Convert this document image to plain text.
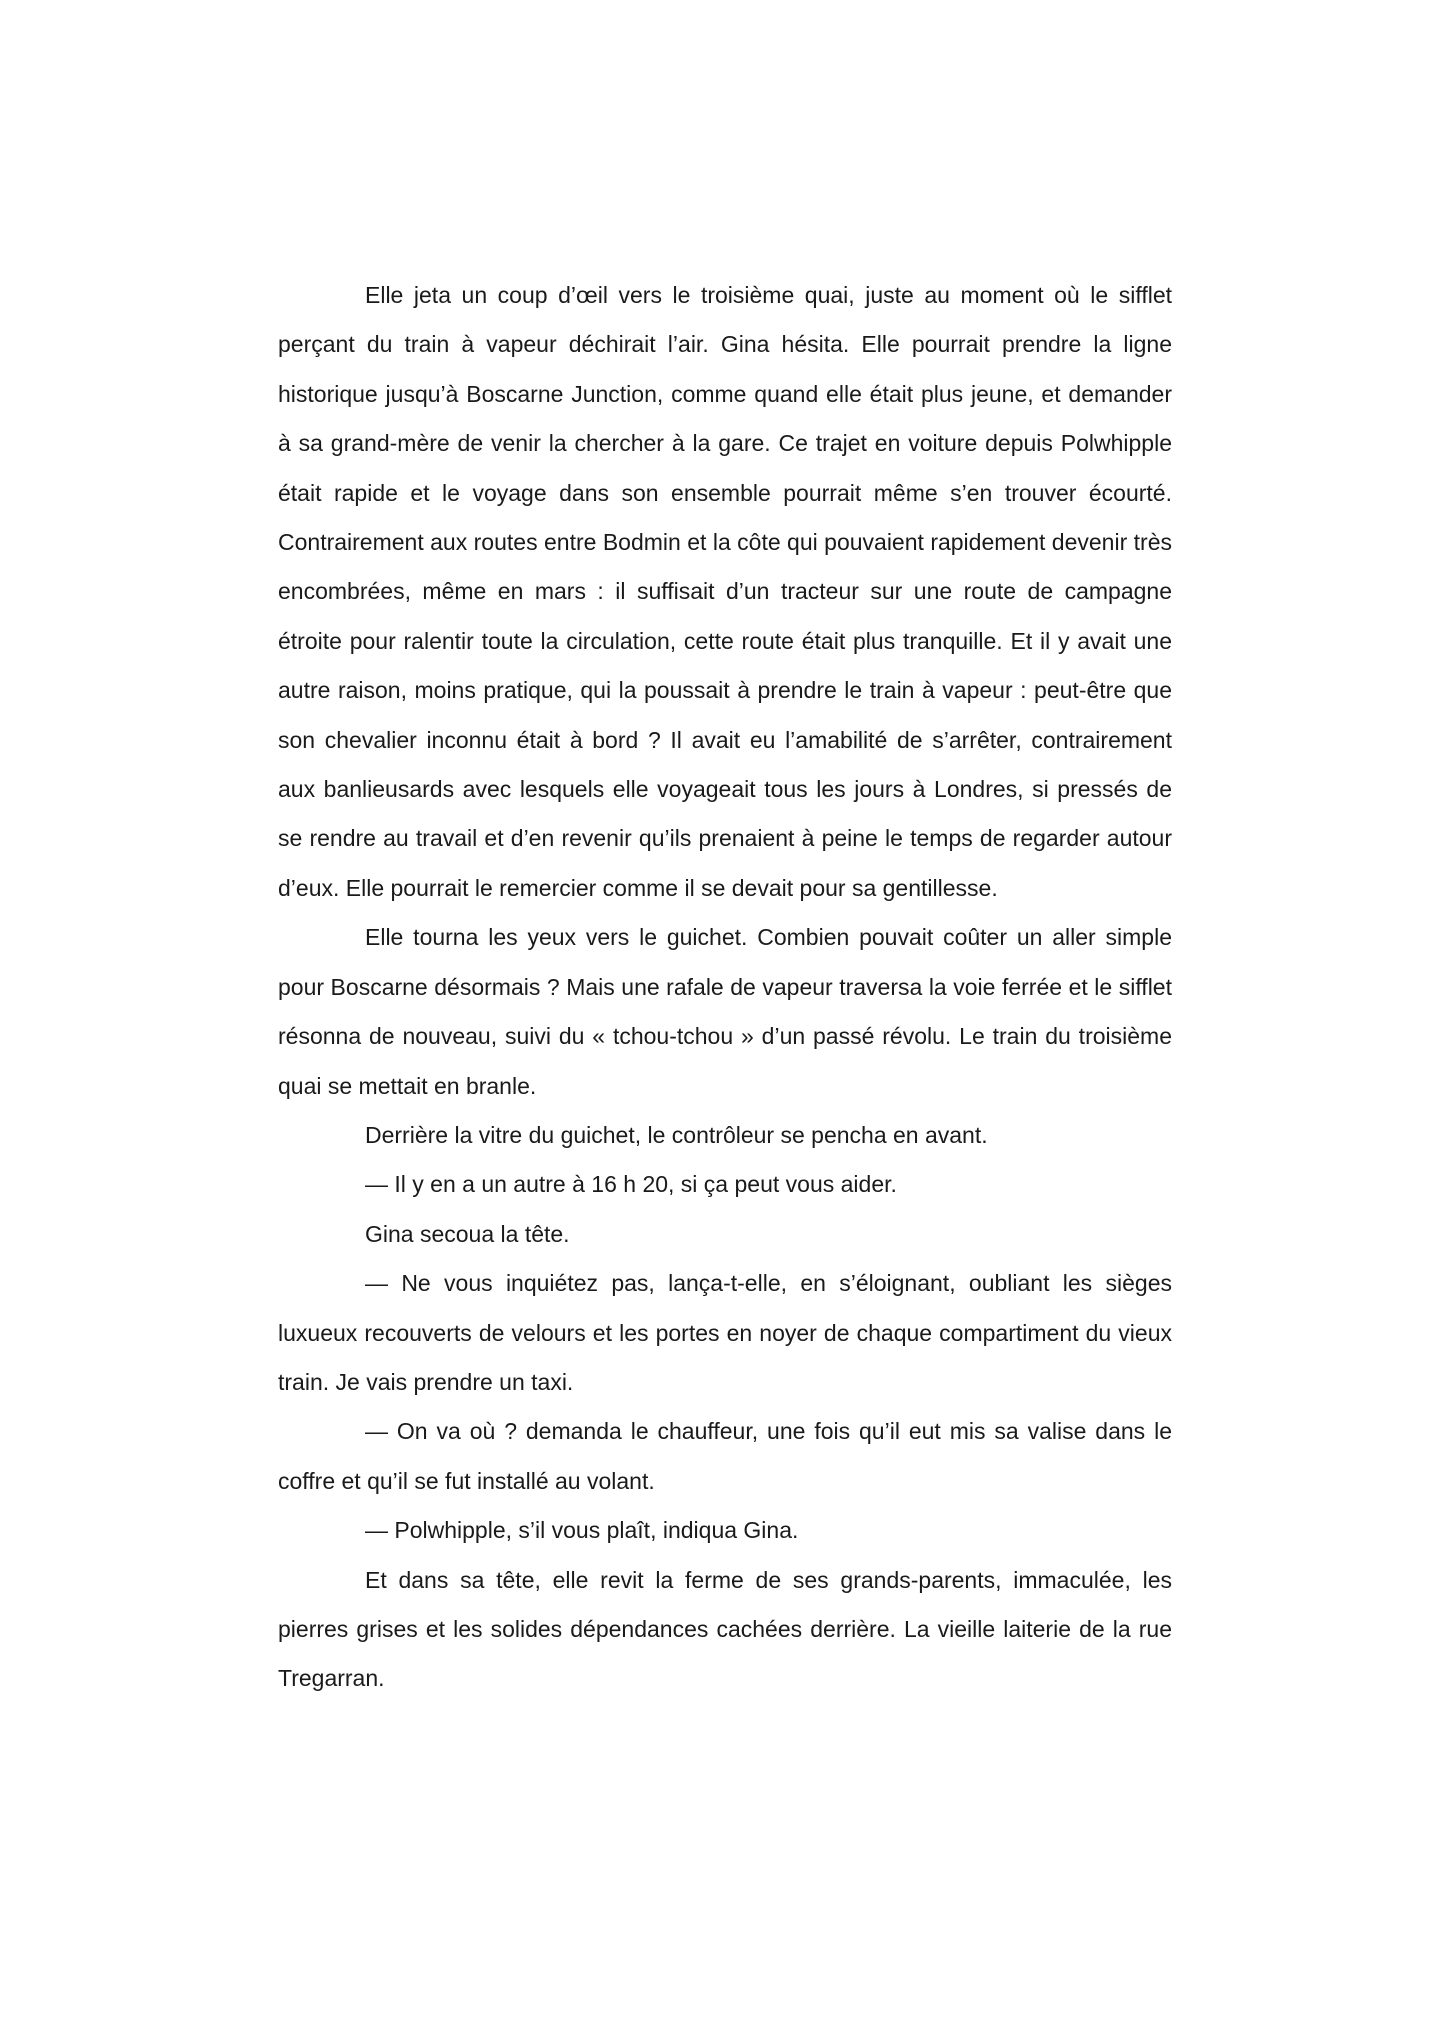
Elle jeta un coup d’œil vers le troisième quai, juste au moment où le sifflet perçant du train à vapeur déchirait l’air. Gina hésita. Elle pourrait prendre la ligne historique jusqu’à Boscarne Junction, comme quand elle était plus jeune, et demander à sa grand-mère de venir la chercher à la gare. Ce trajet en voiture depuis Polwhipple était rapide et le voyage dans son ensemble pourrait même s’en trouver écourté. Contrairement aux routes entre Bodmin et la côte qui pouvaient rapidement devenir très encombrées, même en mars : il suffisait d’un tracteur sur une route de campagne étroite pour ralentir toute la circulation, cette route était plus tranquille. Et il y avait une autre raison, moins pratique, qui la poussait à prendre le train à vapeur : peut-être que son chevalier inconnu était à bord ? Il avait eu l’amabilité de s’arrêter, contrairement aux banlieusards avec lesquels elle voyageait tous les jours à Londres, si pressés de se rendre au travail et d’en revenir qu’ils prenaient à peine le temps de regarder autour d’eux. Elle pourrait le remercier comme il se devait pour sa gentillesse.

Elle tourna les yeux vers le guichet. Combien pouvait coûter un aller simple pour Boscarne désormais ? Mais une rafale de vapeur traversa la voie ferrée et le sifflet résonna de nouveau, suivi du « tchou-tchou » d’un passé révolu. Le train du troisième quai se mettait en branle.

Derrière la vitre du guichet, le contrôleur se pencha en avant.

— Il y en a un autre à 16 h 20, si ça peut vous aider.

Gina secoua la tête.

— Ne vous inquiétez pas, lança-t-elle, en s’éloignant, oubliant les sièges luxueux recouverts de velours et les portes en noyer de chaque compartiment du vieux train. Je vais prendre un taxi.

— On va où ? demanda le chauffeur, une fois qu’il eut mis sa valise dans le coffre et qu’il se fut installé au volant.

— Polwhipple, s’il vous plaît, indiqua Gina.

Et dans sa tête, elle revit la ferme de ses grands-parents, immaculée, les pierres grises et les solides dépendances cachées derrière. La vieille laiterie de la rue Tregarran.
